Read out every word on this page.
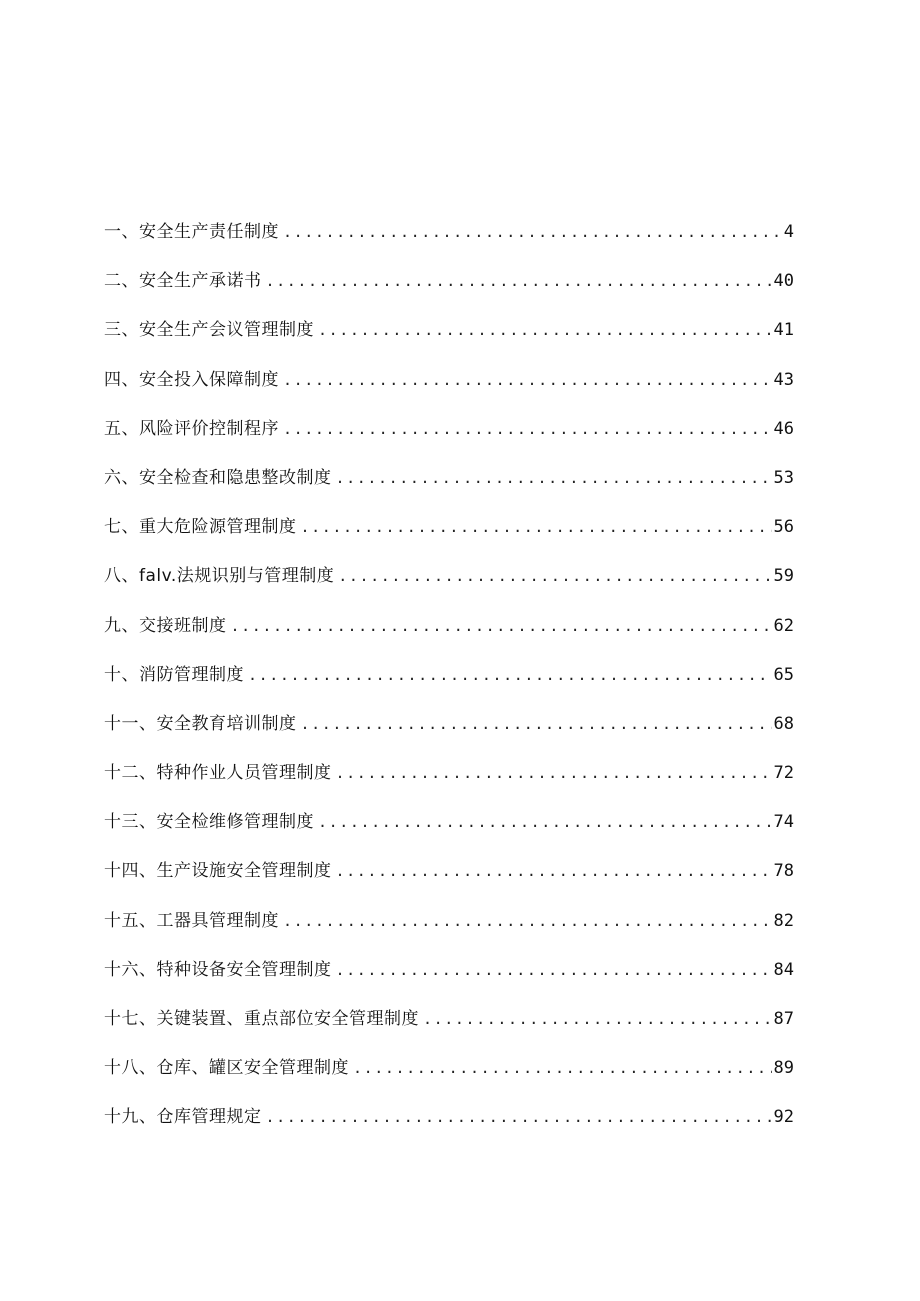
一、安全生产责任制度 .....	4
二、安全生产承诺书 .....	40
三、安全生产会议管理制度 .....	41
四、安全投入保障制度 .....	43
五、风险评价控制程序 .....	46
六、安全检查和隐患整改制度 .....	53
七、重大危险源管理制度 .....	56
八、falv.法规识别与管理制度 .....	59
九、交接班制度 .....	62
十、消防管理制度 .....	65
十一、安全教育培训制度 .....	68
十二、特种作业人员管理制度 .....	72
十三、安全检维修管理制度 .....	74
十四、生产设施安全管理制度 .....	78
十五、工器具管理制度 .....	82
十六、特种设备安全管理制度 .....	84
十七、关键装置、重点部位安全管理制度 .....	87
十八、仓库、罐区安全管理制度 .....	89
十九、仓库管理规定 .....	92
